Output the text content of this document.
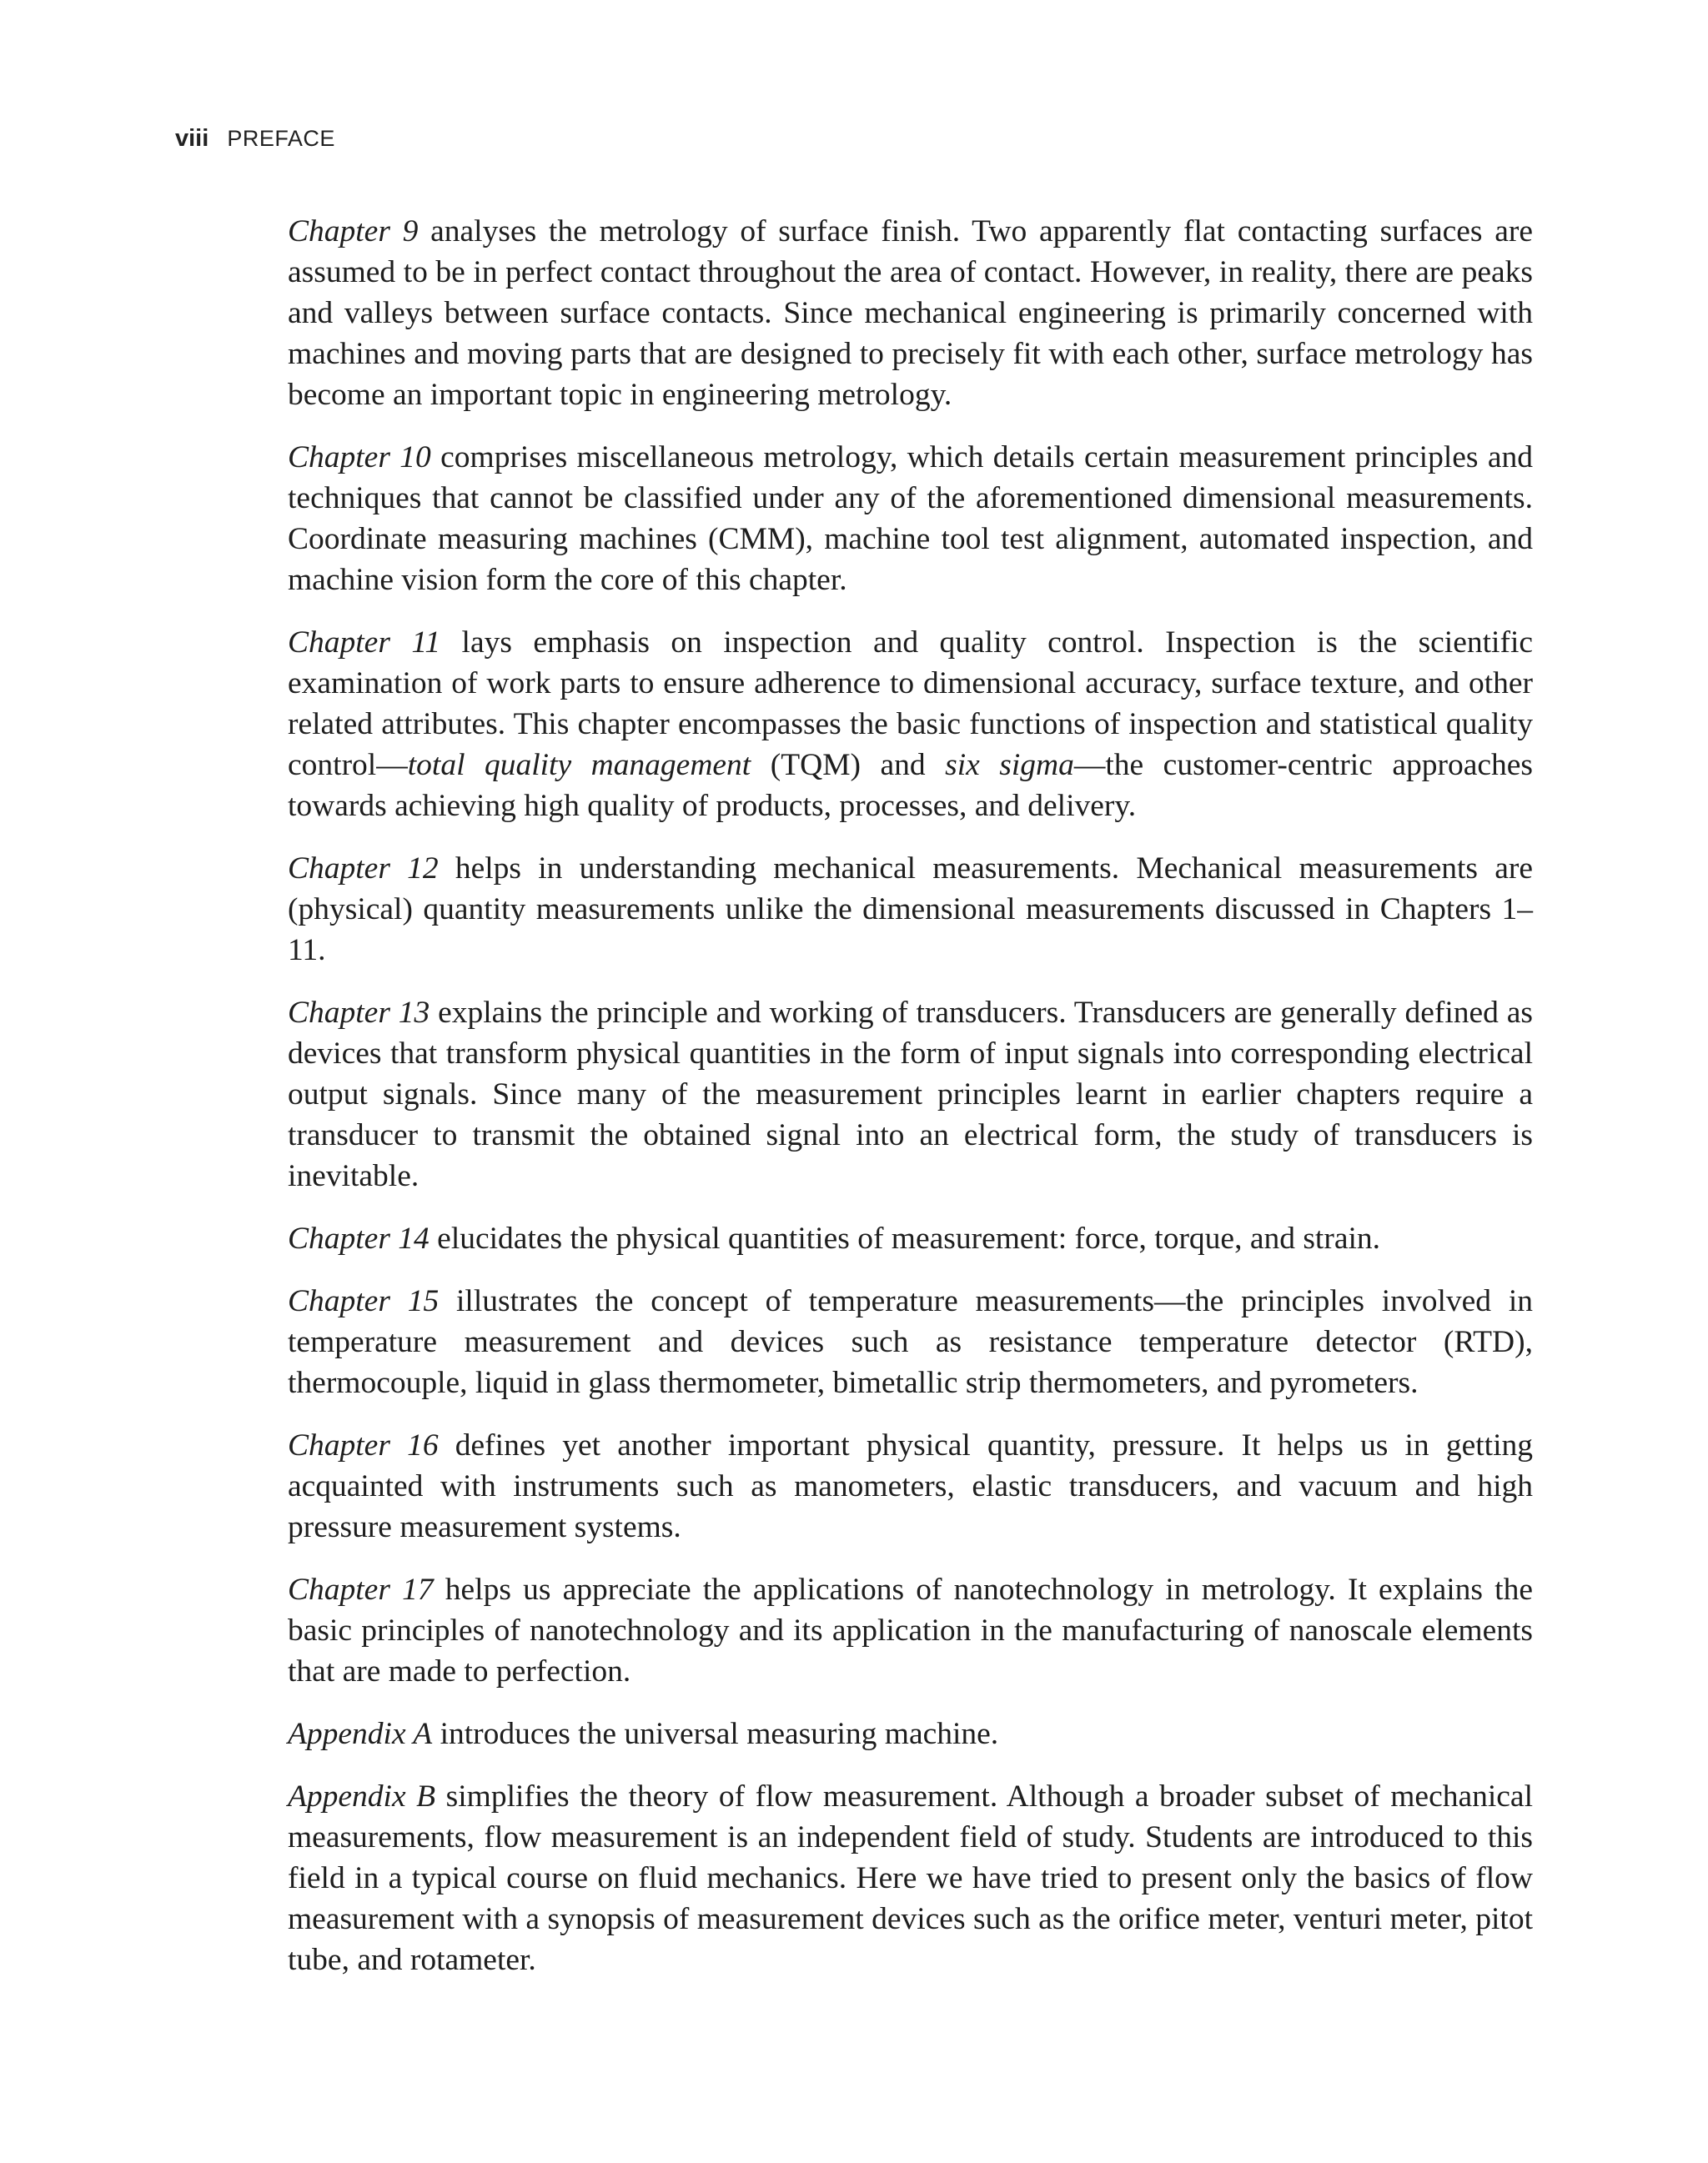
viii PREFACE

Chapter 9 analyses the metrology of surface finish. Two apparently flat contacting surfaces are assumed to be in perfect contact throughout the area of contact. However, in reality, there are peaks and valleys between surface contacts. Since mechanical engineering is primarily concerned with machines and moving parts that are designed to precisely fit with each other, surface metrology has become an important topic in engineering metrology.

Chapter 10 comprises miscellaneous metrology, which details certain measurement principles and techniques that cannot be classified under any of the aforementioned dimensional measurements. Coordinate measuring machines (CMM), machine tool test alignment, automated inspection, and machine vision form the core of this chapter.

Chapter 11 lays emphasis on inspection and quality control. Inspection is the scientific examination of work parts to ensure adherence to dimensional accuracy, surface texture, and other related attributes. This chapter encompasses the basic functions of inspection and statistical quality control—total quality management (TQM) and six sigma—the customer-centric approaches towards achieving high quality of products, processes, and delivery.

Chapter 12 helps in understanding mechanical measurements. Mechanical measurements are (physical) quantity measurements unlike the dimensional measurements discussed in Chapters 1–11.

Chapter 13 explains the principle and working of transducers. Transducers are generally defined as devices that transform physical quantities in the form of input signals into corresponding electrical output signals. Since many of the measurement principles learnt in earlier chapters require a transducer to transmit the obtained signal into an electrical form, the study of transducers is inevitable.

Chapter 14 elucidates the physical quantities of measurement: force, torque, and strain.

Chapter 15 illustrates the concept of temperature measurements—the principles involved in temperature measurement and devices such as resistance temperature detector (RTD), thermocouple, liquid in glass thermometer, bimetallic strip thermometers, and pyrometers.

Chapter 16 defines yet another important physical quantity, pressure. It helps us in getting acquainted with instruments such as manometers, elastic transducers, and vacuum and high pressure measurement systems.

Chapter 17 helps us appreciate the applications of nanotechnology in metrology. It explains the basic principles of nanotechnology and its application in the manufacturing of nanoscale elements that are made to perfection.

Appendix A introduces the universal measuring machine.

Appendix B simplifies the theory of flow measurement. Although a broader subset of mechanical measurements, flow measurement is an independent field of study. Students are introduced to this field in a typical course on fluid mechanics. Here we have tried to present only the basics of flow measurement with a synopsis of measurement devices such as the orifice meter, venturi meter, pitot tube, and rotameter.
